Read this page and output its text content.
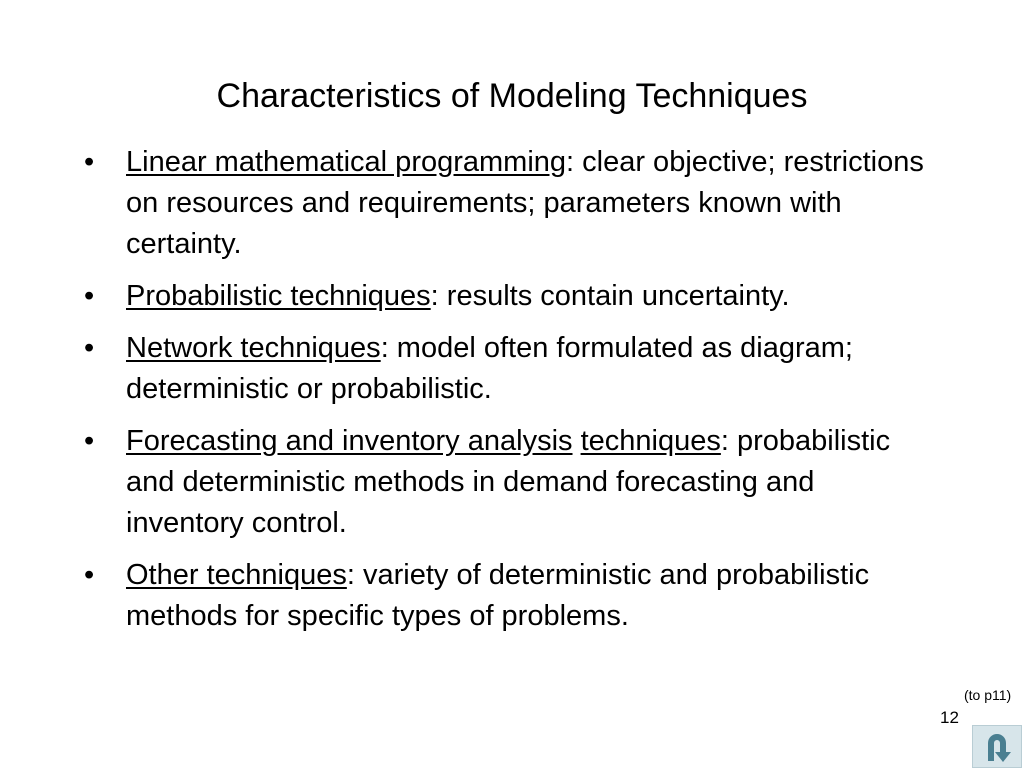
Characteristics of Modeling Techniques
• Linear mathematical programming: clear objective; restrictions on resources and requirements; parameters known with certainty.
• Probabilistic techniques: results contain uncertainty.
• Network techniques: model often formulated as diagram; deterministic or probabilistic.
• Forecasting and inventory analysis techniques: probabilistic and deterministic methods in demand forecasting and inventory control.
• Other techniques: variety of deterministic and probabilistic methods for specific types of problems.
(to p11)
12
